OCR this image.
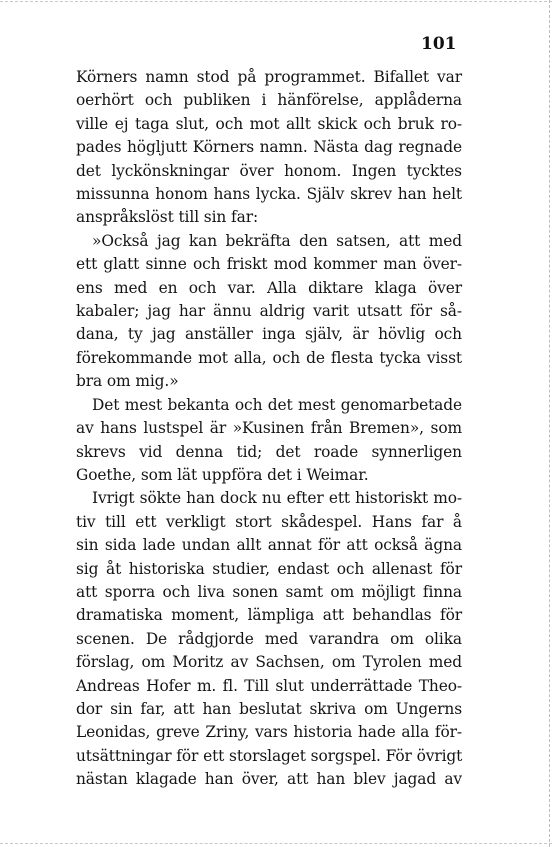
101

Körners namn stod på programmet. Bifallet var
oerhört och publiken i hänförelse, applåderna
ville ej taga slut, och mot allt skick och bruk ro-
pades högljutt Körners namn. Nästa dag regnade
det lyckönskningar över honom. Ingen tycktes
missunna honom hans lycka. Själv skrev han helt
anspråkslöst till sin far:

»Också jag kan bekräfta den satsen, att med
ett glatt sinne och friskt mod kommer man över-
ens med en och var. Alla diktare klaga över
kabaler; jag har ännu aldrig varit utsatt för så-
dana, ty jag anställer inga själv, är hövlig och
förekommande mot alla, och de flesta tycka visst
bra om mig.»

Det mest bekanta och det mest genomarbetade
av hans lustspel är »Kusinen från Bremen», som
skrevs vid denna tid; det roade synnerligen
Goethe, som lät uppföra det i Weimar.

Ivrigt sökte han dock nu efter ett historiskt mo-
tiv till ett verkligt stort skådespel. Hans far å
sin sida lade undan allt annat för att också ägna
sig åt historiska studier, endast och allenast för
att sporra och liva sonen samt om möjligt finna
dramatiska moment, lämpliga att behandlas för
scenen. De rådgjorde med varandra om olika
förslag, om Moritz av Sachsen, om Tyrolen med
Andreas Hofer m. fl. Till slut underrättade Theo-
dor sin far, att han beslutat skriva om Ungerns
Leonidas, greve Zriny, vars historia hade alla för-
utsättningar för ett storslaget sorgspel. För övrigt
nästan klagade han över, att han blev jagad av
